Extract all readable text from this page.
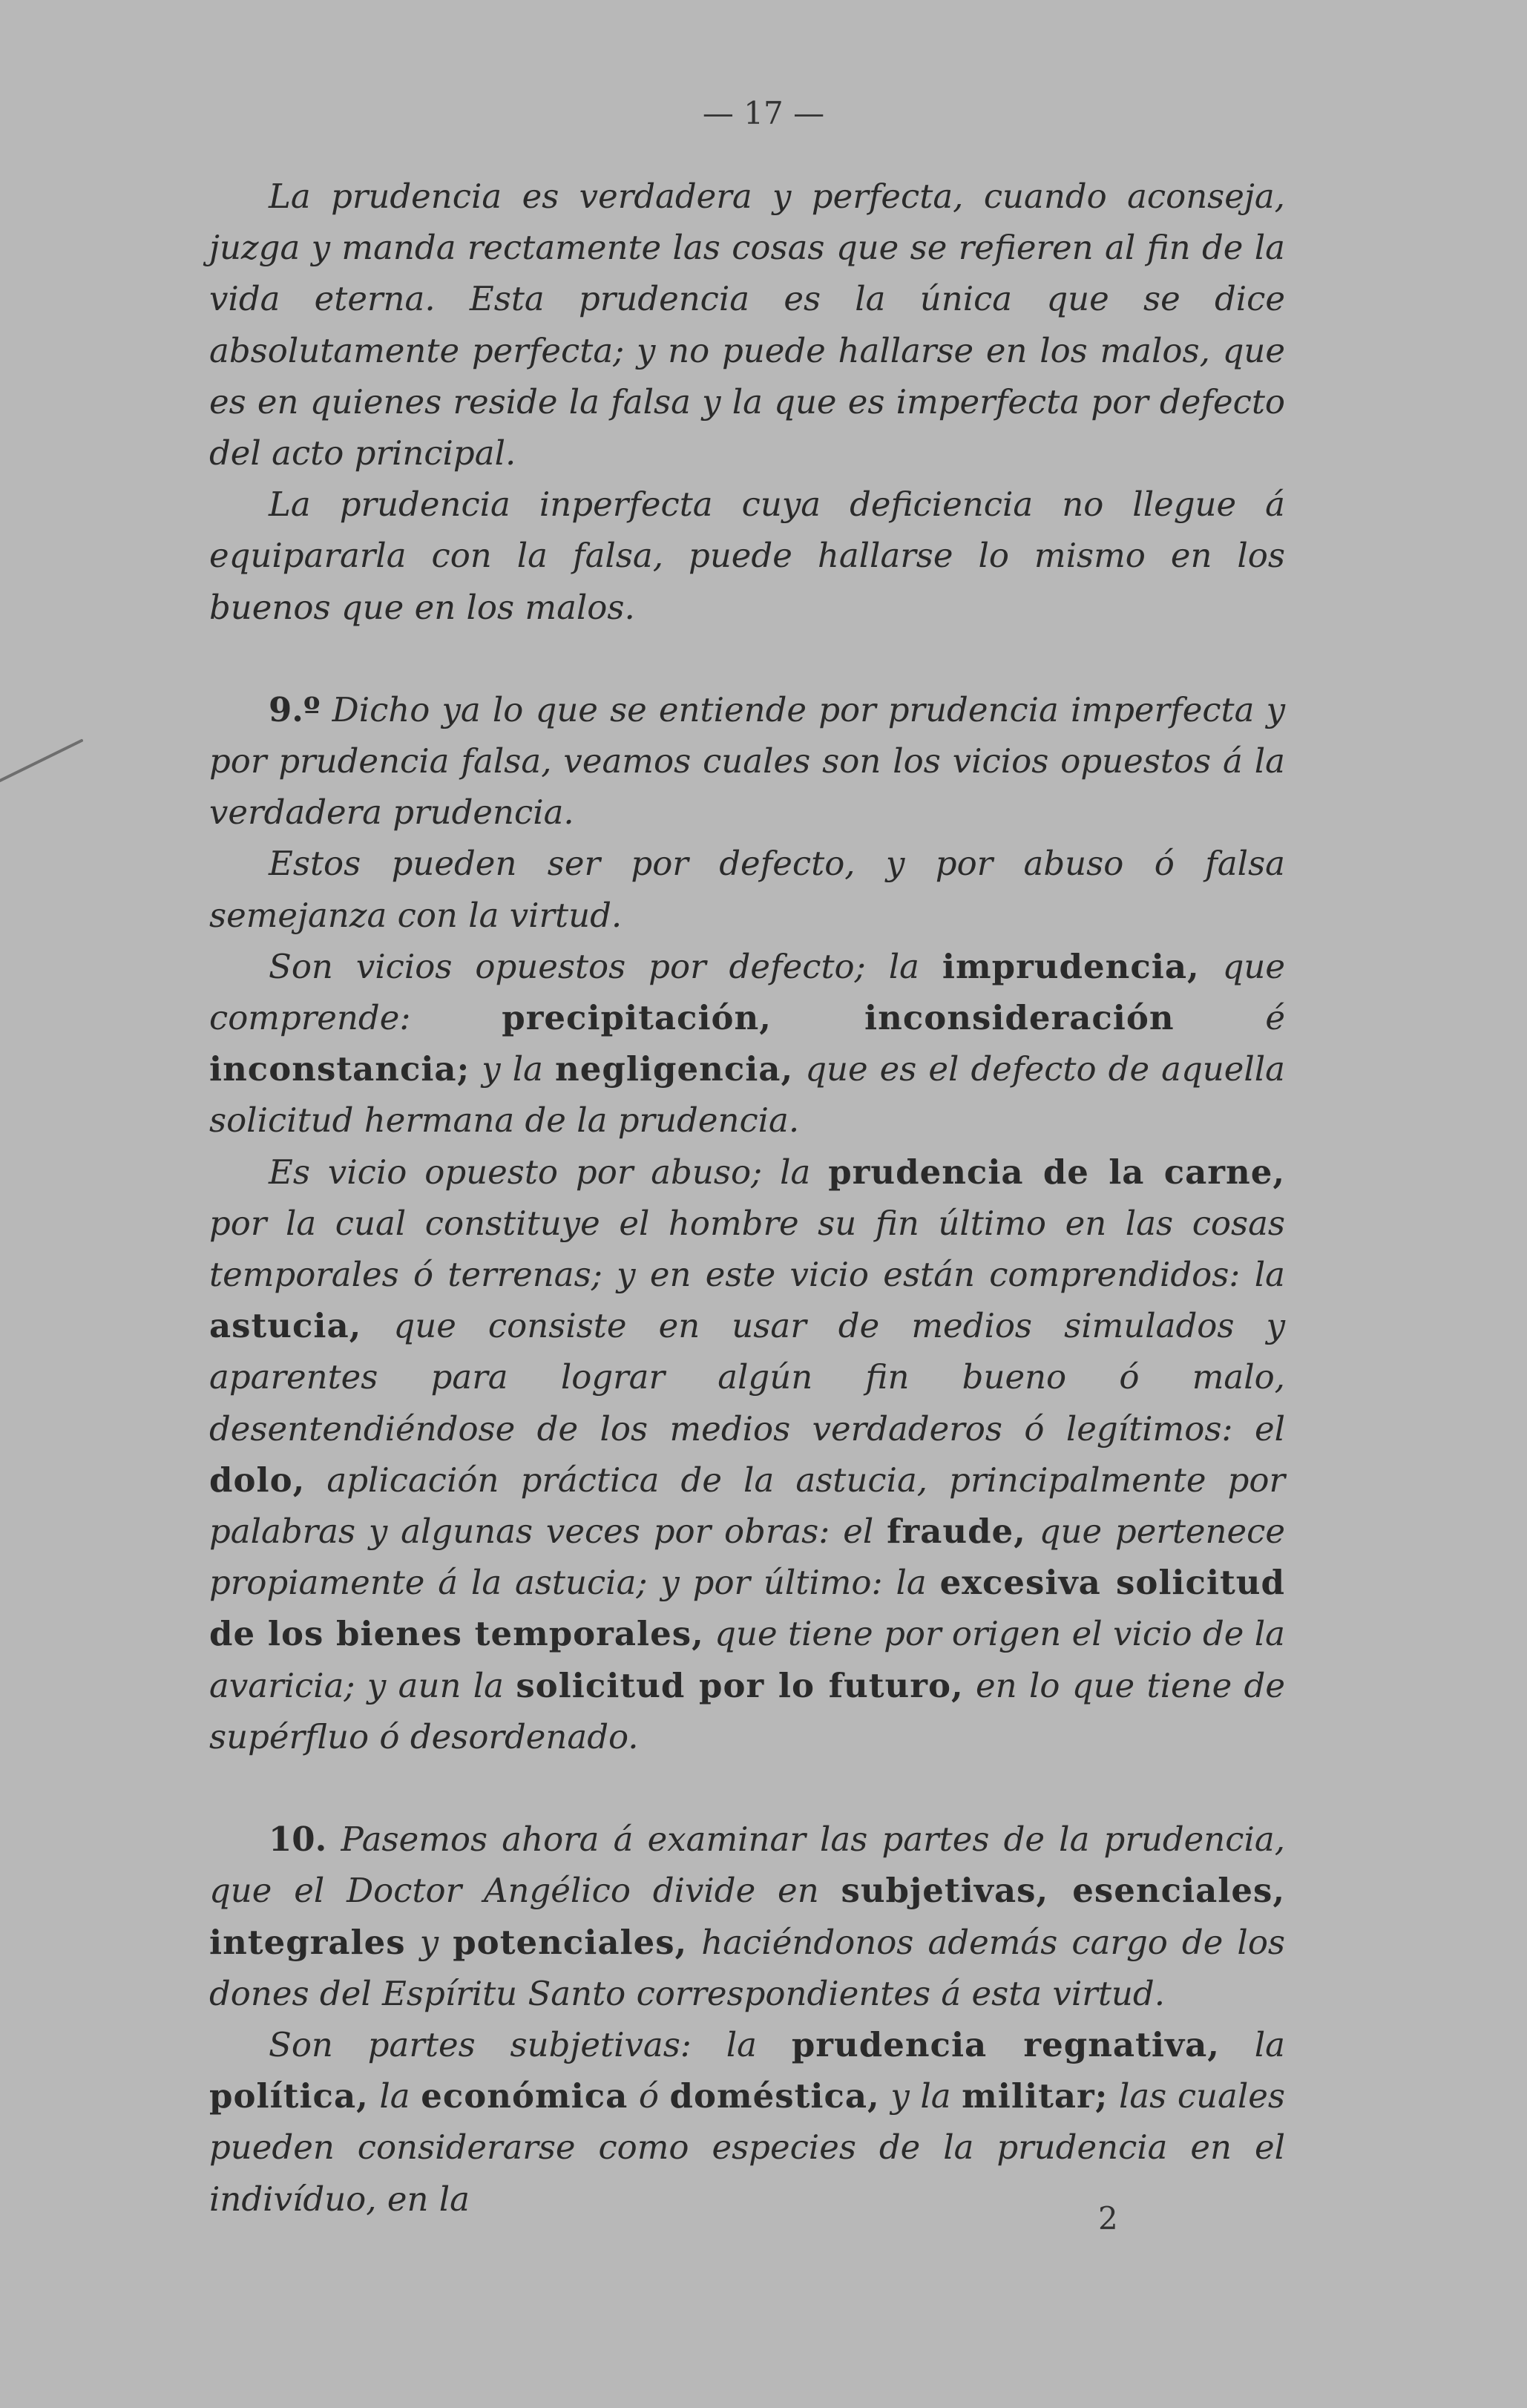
— 17 —

La prudencia es verdadera y perfecta, cuando aconseja, juzga y manda rectamente las cosas que se refieren al fin de la vida eterna. Esta prudencia es la única que se dice absolutamente perfecta; y no puede hallarse en los malos, que es en quienes reside la falsa y la que es imperfecta por defecto del acto principal.

La prudencia inperfecta cuya deficiencia no llegue á equipararla con la falsa, puede hallarse lo mismo en los buenos que en los malos.

9.º Dicho ya lo que se entiende por prudencia imperfecta y por prudencia falsa, veamos cuales son los vicios opuestos á la verdadera prudencia.

Estos pueden ser por defecto, y por abuso ó falsa semejanza con la virtud.

Son vicios opuestos por defecto; la imprudencia, que comprende: precipitación, inconsideración é inconstancia; y la negligencia, que es el defecto de aquella solicitud hermana de la prudencia.

Es vicio opuesto por abuso; la prudencia de la carne, por la cual constituye el hombre su fin último en las cosas temporales ó terrenas; y en este vicio están comprendidos: la astucia, que consiste en usar de medios simulados y aparentes para lograr algún fin bueno ó malo, desentendiéndose de los medios verdaderos ó legítimos: el dolo, aplicación práctica de la astucia, principalmente por palabras y algunas veces por obras: el fraude, que pertenece propiamente á la astucia; y por último: la excesiva solicitud de los bienes temporales, que tiene por origen el vicio de la avaricia; y aun la solicitud por lo futuro, en lo que tiene de supérfluo ó desordenado.

10. Pasemos ahora á examinar las partes de la prudencia, que el Doctor Angélico divide en subjetivas, esenciales, integrales y potenciales, haciéndonos además cargo de los dones del Espíritu Santo correspondientes á esta virtud.

Son partes subjetivas: la prudencia regnativa, la política, la económica ó doméstica, y la militar; las cuales pueden considerarse como especies de la prudencia en el indivíduo, en la	2
